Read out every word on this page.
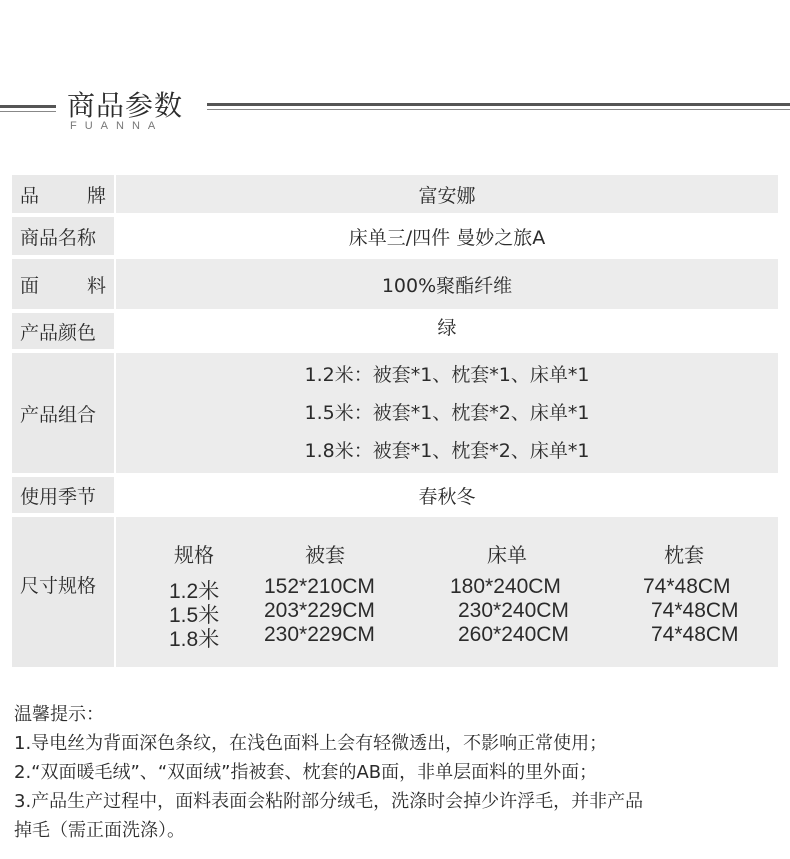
商品参数
FUANNA
品	牌	富安娜
商品名称	床单三/四件 曼妙之旅A
面	料	100%聚酯纤维
产品颜色	绿
产品组合
1.2米：被套*1、枕套*1、床单*1
1.5米：被套*1、枕套*2、床单*1
1.8米：被套*1、枕套*2、床单*1
使用季节	春秋冬
尺寸规格
规格	被套	床单	枕套
1.2米 152*210CM	180*240CM	74*48CM
1.5米 203*229CM	230*240CM	74*48CM
1.8米 230*229CM	260*240CM	74*48CM
温馨提示：
1.导电丝为背面深色条纹，在浅色面料上会有轻微透出，不影响正常使用；
2.“双面暖毛绒”、“双面绒”指被套、枕套的AB面，非单层面料的里外面；
3.产品生产过程中，面料表面会粘附部分绒毛，洗涤时会掉少许浮毛，并非产品
掉毛（需正面洗涤）。
